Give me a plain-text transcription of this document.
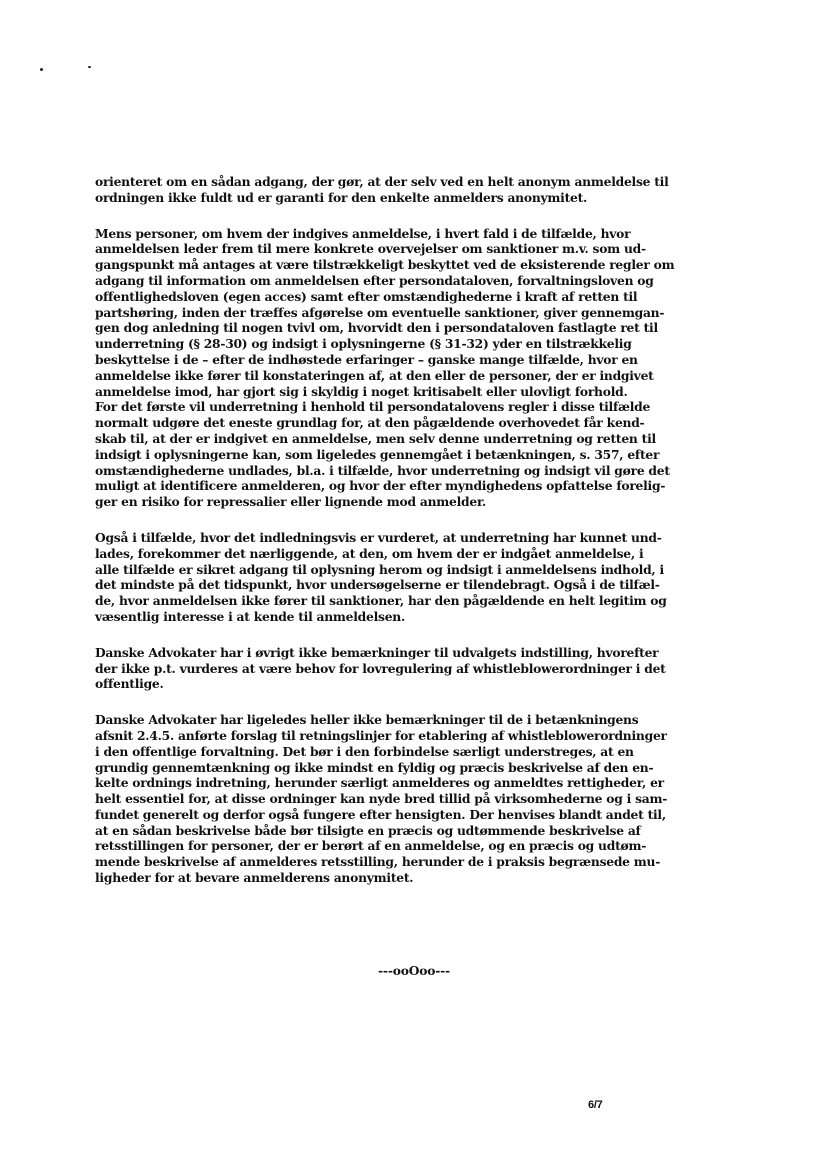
orienteret om en sådan adgang, der gør, at der selv ved en helt anonym anmeldelse til
ordningen ikke fuldt ud er garanti for den enkelte anmelders anonymitet.

Mens personer, om hvem der indgives anmeldelse, i hvert fald i de tilfælde, hvor
anmeldelsen leder frem til mere konkrete overvejelser om sanktioner m.v. som ud-
gangspunkt må antages at være tilstrækkeligt beskyttet ved de eksisterende regler om
adgang til information om anmeldelsen efter persondataloven, forvaltningsloven og
offentlighedsloven (egen acces) samt efter omstændighederne i kraft af retten til
partshøring, inden der træffes afgørelse om eventuelle sanktioner, giver gennemgan-
gen dog anledning til nogen tvivl om, hvorvidt den i persondataloven fastlagte ret til
underretning (§ 28-30) og indsigt i oplysningerne (§ 31-32) yder en tilstrækkelig
beskyttelse i de – efter de indhøstede erfaringer – ganske mange tilfælde, hvor en
anmeldelse ikke fører til konstateringen af, at den eller de personer, der er indgivet
anmeldelse imod, har gjort sig i skyldig i noget kritisabelt eller ulovligt forhold.
For det første vil underretning i henhold til persondatalovens regler i disse tilfælde
normalt udgøre det eneste grundlag for, at den pågældende overhovedet får kend-
skab til, at der er indgivet en anmeldelse, men selv denne underretning og retten til
indsigt i oplysningerne kan, som ligeledes gennemgået i betænkningen, s. 357, efter
omstændighederne undlades, bl.a. i tilfælde, hvor underretning og indsigt vil gøre det
muligt at identificere anmelderen, og hvor der efter myndighedens opfattelse forelig-
ger en risiko for repressalier eller lignende mod anmelder.

Også i tilfælde, hvor det indledningsvis er vurderet, at underretning har kunnet und-
lades, forekommer det nærliggende, at den, om hvem der er indgået anmeldelse, i
alle tilfælde er sikret adgang til oplysning herom og indsigt i anmeldelsens indhold, i
det mindste på det tidspunkt, hvor undersøgelserne er tilendebragt. Også i de tilfæl-
de, hvor anmeldelsen ikke fører til sanktioner, har den pågældende en helt legitim og
væsentlig interesse i at kende til anmeldelsen.

Danske Advokater har i øvrigt ikke bemærkninger til udvalgets indstilling, hvorefter
der ikke p.t. vurderes at være behov for lovregulering af whistleblowerordninger i det
offentlige.

Danske Advokater har ligeledes heller ikke bemærkninger til de i betænkningens
afsnit 2.4.5. anførte forslag til retningslinjer for etablering af whistleblowerordninger
i den offentlige forvaltning. Det bør i den forbindelse særligt understreges, at en
grundig gennemtænkning og ikke mindst en fyldig og præcis beskrivelse af den en-
kelte ordnings indretning, herunder særligt anmelderes og anmeldtes rettigheder, er
helt essentiel for, at disse ordninger kan nyde bred tillid på virksomhederne og i sam-
fundet generelt og derfor også fungere efter hensigten. Der henvises blandt andet til,
at en sådan beskrivelse både bør tilsigte en præcis og udtømmende beskrivelse af
retsstillingen for personer, der er berørt af en anmeldelse, og en præcis og udtøm-
mende beskrivelse af anmelderes retsstilling, herunder de i praksis begrænsede mu-
ligheder for at bevare anmelderens anonymitet.

---ooOoo---
6/7
